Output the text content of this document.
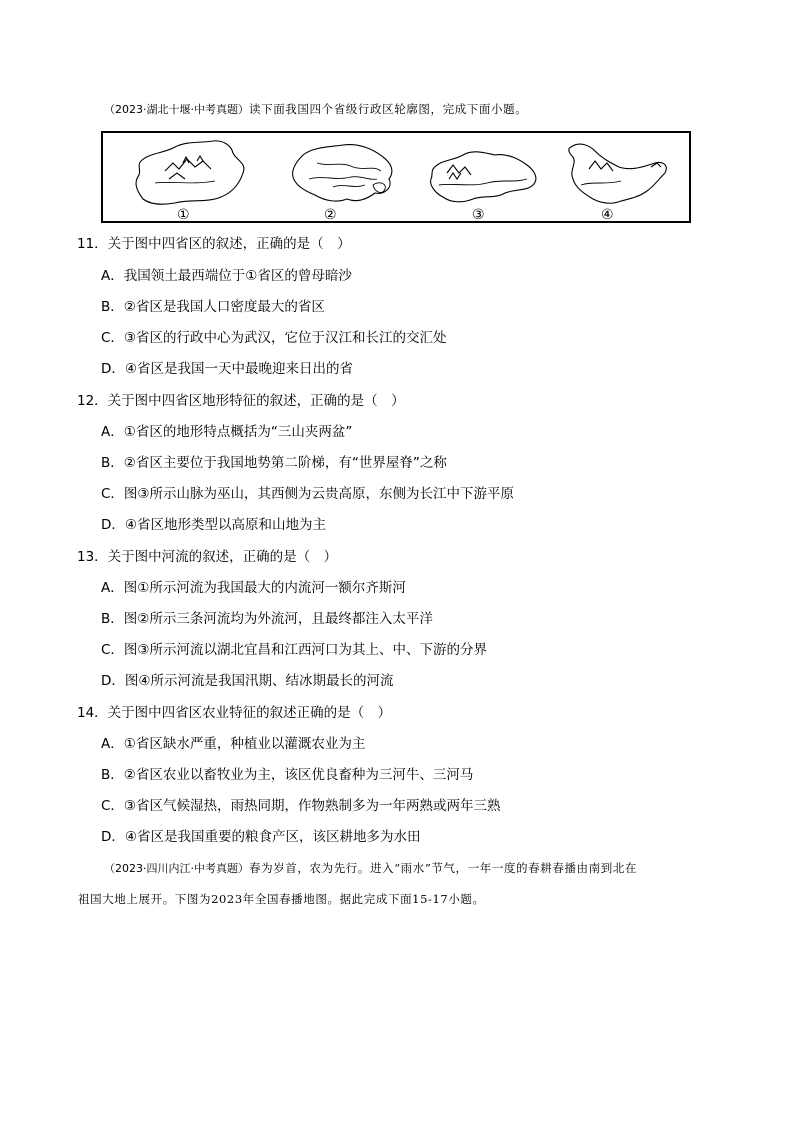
（2023·湖北十堰·中考真题）读下面我国四个省级行政区轮廓图，完成下面小题。
①	②	③	④
11．关于图中四省区的叙述，正确的是（　）
A．我国领土最西端位于①省区的曾母暗沙
B．②省区是我国人口密度最大的省区
C．③省区的行政中心为武汉，它位于汉江和长江的交汇处
D．④省区是我国一天中最晚迎来日出的省
12．关于图中四省区地形特征的叙述，正确的是（　）
A．①省区的地形特点概括为“三山夹两盆”
B．②省区主要位于我国地势第二阶梯，有“世界屋脊”之称
C．图③所示山脉为巫山，其西侧为云贵高原，东侧为长江中下游平原
D．④省区地形类型以高原和山地为主
13．关于图中河流的叙述，正确的是（　）
A．图①所示河流为我国最大的内流河一额尔齐斯河
B．图②所示三条河流均为外流河，且最终都注入太平洋
C．图③所示河流以湖北宜昌和江西河口为其上、中、下游的分界
D．图④所示河流是我国汛期、结冰期最长的河流
14．关于图中四省区农业特征的叙述正确的是（　）
A．①省区缺水严重，种植业以灌溉农业为主
B．②省区农业以畜牧业为主，该区优良畜种为三河牛、三河马
C．③省区气候湿热，雨热同期，作物熟制多为一年两熟或两年三熟
D．④省区是我国重要的粮食产区，该区耕地多为水田
（2023·四川内江·中考真题）春为岁首，农为先行。进入“雨水”节气，一年一度的春耕春播由南到北在
祖国大地上展开。下图为2023年全国春播地图。据此完成下面15-17小题。
